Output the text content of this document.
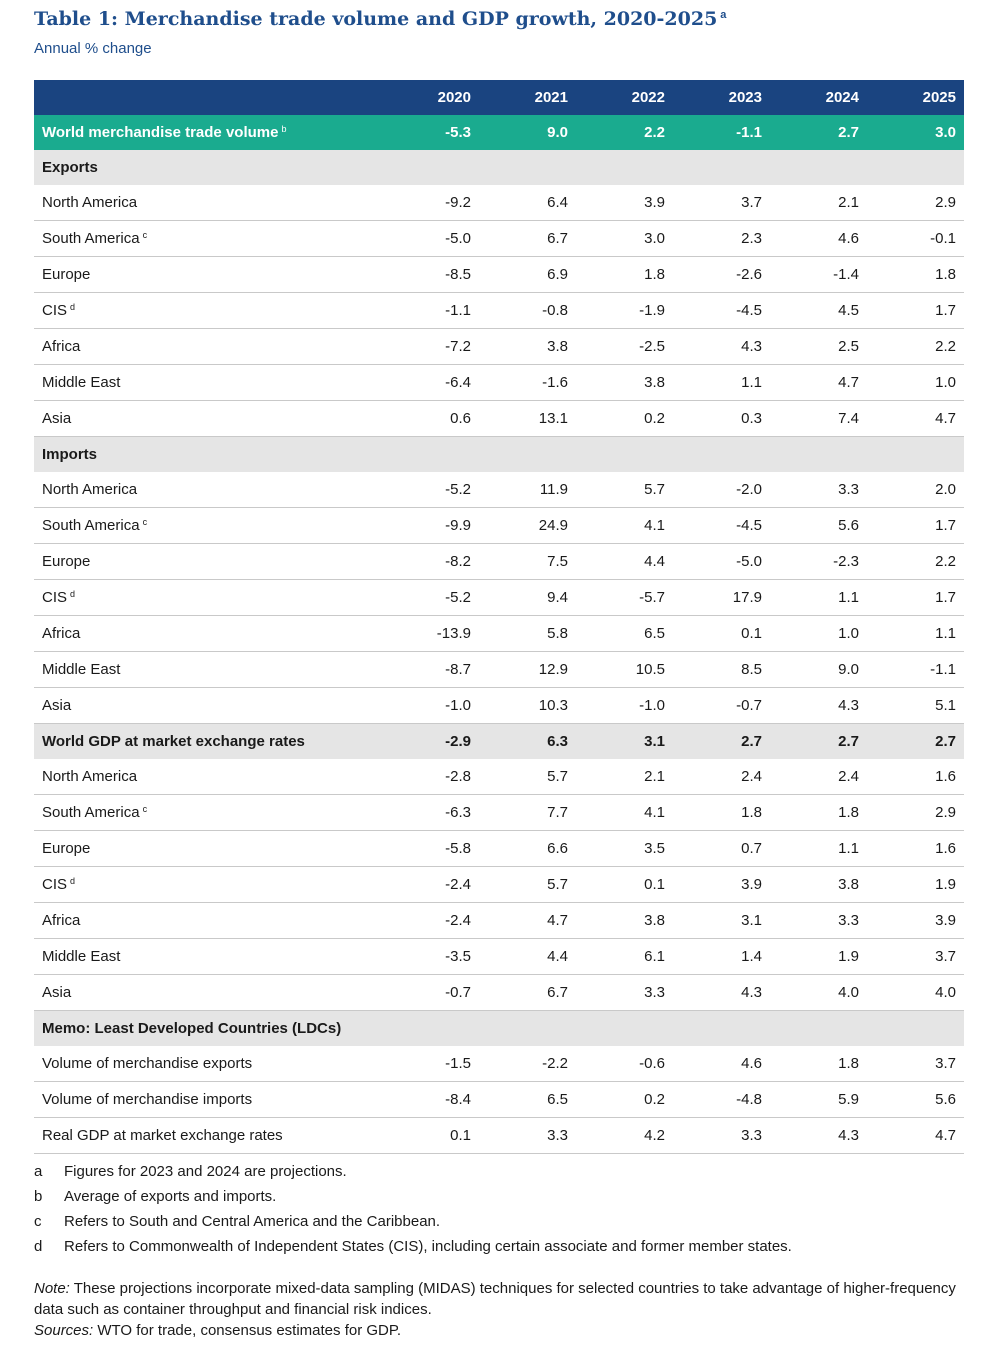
Table 1: Merchandise trade volume and GDP growth, 2020-2025 $^a$
Annual % change
	2020	2021	2022	2023	2024	2025
World merchandise trade volume $^b$	-5.3	9.0	2.2	-1.1	2.7	3.0
Exports						
North America	-9.2	6.4	3.9	3.7	2.1	2.9
South America $^c$	-5.0	6.7	3.0	2.3	4.6	-0.1
Europe	-8.5	6.9	1.8	-2.6	-1.4	1.8
CIS $^d$	-1.1	-0.8	-1.9	-4.5	4.5	1.7
Africa	-7.2	3.8	-2.5	4.3	2.5	2.2
Middle East	-6.4	-1.6	3.8	1.1	4.7	1.0
Asia	0.6	13.1	0.2	0.3	7.4	4.7
Imports						
North America	-5.2	11.9	5.7	-2.0	3.3	2.0
South America $^c$	-9.9	24.9	4.1	-4.5	5.6	1.7
Europe	-8.2	7.5	4.4	-5.0	-2.3	2.2
CIS $^d$	-5.2	9.4	-5.7	17.9	1.1	1.7
Africa	-13.9	5.8	6.5	0.1	1.0	1.1
Middle East	-8.7	12.9	10.5	8.5	9.0	-1.1
Asia	-1.0	10.3	-1.0	-0.7	4.3	5.1
World GDP at market exchange rates	-2.9	6.3	3.1	2.7	2.7	2.7
North America	-2.8	5.7	2.1	2.4	2.4	1.6
South America $^c$	-6.3	7.7	4.1	1.8	1.8	2.9
Europe	-5.8	6.6	3.5	0.7	1.1	1.6
CIS $^d$	-2.4	5.7	0.1	3.9	3.8	1.9
Africa	-2.4	4.7	3.8	3.1	3.3	3.9
Middle East	-3.5	4.4	6.1	1.4	1.9	3.7
Asia	-0.7	6.7	3.3	4.3	4.0	4.0
Memo: Least Developed Countries (LDCs)						
Volume of merchandise exports	-1.5	-2.2	-0.6	4.6	1.8	3.7
Volume of merchandise imports	-8.4	6.5	0.2	-4.8	5.9	5.6
Real GDP at market exchange rates	0.1	3.3	4.2	3.3	4.3	4.7
a	Figures for 2023 and 2024 are projections.
b	Average of exports and imports.
c	Refers to South and Central America and the Caribbean.
d	Refers to Commonwealth of Independent States (CIS), including certain associate and former member states.
Note: These projections incorporate mixed-data sampling (MIDAS) techniques for selected countries to take advantage of higher-frequency data such as container throughput and financial risk indices.
Sources: WTO for trade, consensus estimates for GDP.
